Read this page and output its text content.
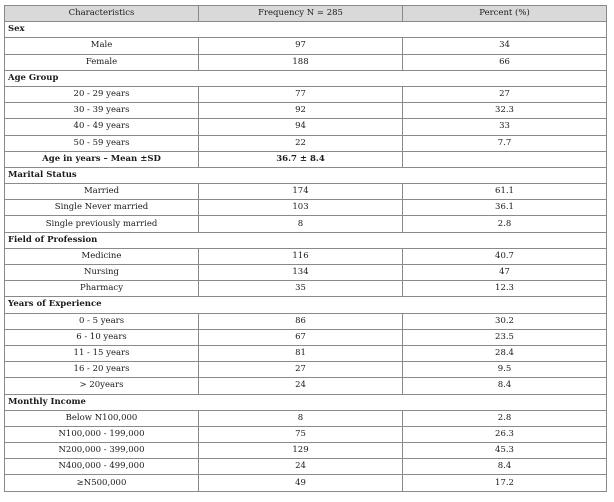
Characteristics	Frequency N = 285	Percent (%)
Sex		
Male	97	34
Female	188	66
Age Group		
20 - 29 years	77	27
30 - 39 years	92	32.3
40 - 49 years	94	33
50 - 59 years	22	7.7
Age in years – Mean ±SD	36.7 ± 8.4	
Marital Status		
Married	174	61.1
Single Never married	103	36.1
Single previously married	8	2.8
Field of Profession		
Medicine	116	40.7
Nursing	134	47
Pharmacy	35	12.3
Years of Experience		
0 - 5 years	86	30.2
6 - 10 years	67	23.5
11 - 15 years	81	28.4
16 - 20 years	27	9.5
> 20years	24	8.4
Monthly Income		
Below N100,000	8	2.8
N100,000 - 199,000	75	26.3
N200,000 - 399,000	129	45.3
N400,000 - 499,000	24	8.4
≥N500,000	49	17.2
